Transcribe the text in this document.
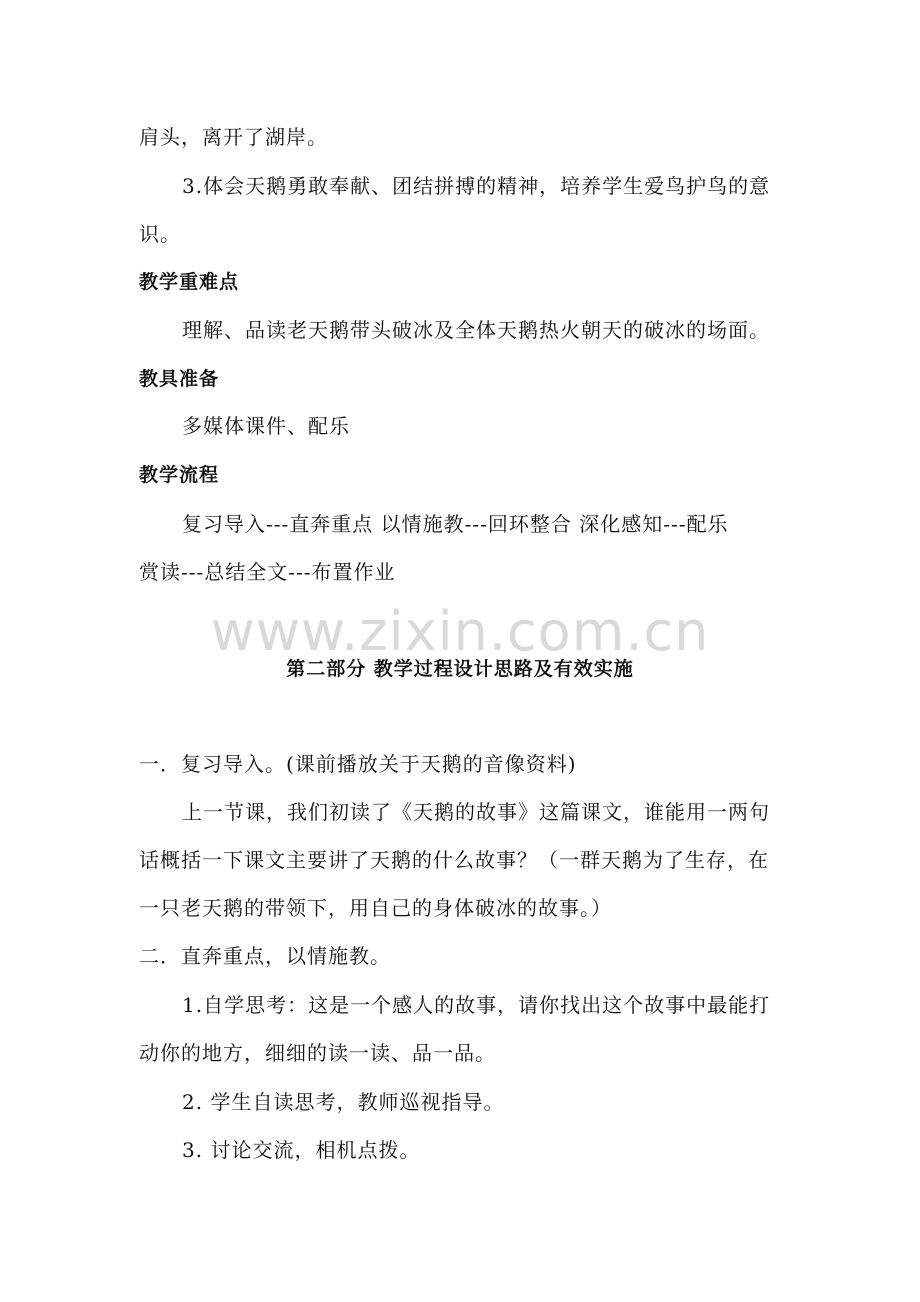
www.zixin.com.cn
肩头，离开了湖岸。
3.体会天鹅勇敢奉献、团结拼搏的精神，培养学生爱鸟护鸟的意
识。
教学重难点
理解、品读老天鹅带头破冰及全体天鹅热火朝天的破冰的场面。
教具准备
多媒体课件、配乐
教学流程
复习导入---直奔重点 以情施教---回环整合 深化感知---配乐
赏读---总结全文---布置作业
第二部分 教学过程设计思路及有效实施
一．复习导入。(课前播放关于天鹅的音像资料)
上一节课，我们初读了《天鹅的故事》这篇课文，谁能用一两句
话概括一下课文主要讲了天鹅的什么故事？（一群天鹅为了生存，在
一只老天鹅的带领下，用自己的身体破冰的故事。）
二．直奔重点，以情施教。
1.自学思考：这是一个感人的故事，请你找出这个故事中最能打
动你的地方，细细的读一读、品一品。
2. 学生自读思考，教师巡视指导。
3. 讨论交流，相机点拨。
